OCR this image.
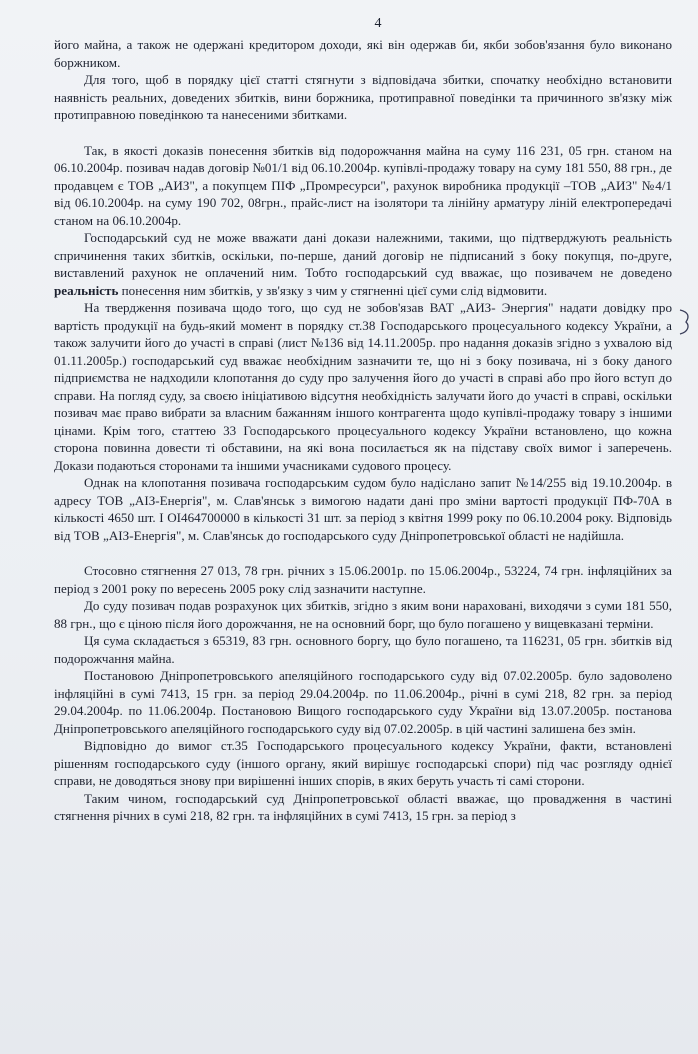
4

його майна, а також не одержані кредитором доходи, які він одержав би, якби зобов'язання було виконано боржником.

Для того, щоб в порядку цієї статті стягнути з відповідача збитки, спочатку необхідно встановити наявність реальних, доведених збитків, вини боржника, протиправної поведінки та причинного зв'язку між протиправною поведінкою та нанесеними збитками.

Так, в якості доказів понесення збитків від подорожчання майна на суму 116 231, 05 грн. станом на 06.10.2004р. позивач надав договір №01/1 від 06.10.2004р. купівлі-продажу товару на суму 181 550, 88 грн., де продавцем є ТОВ „АИЗ", а покупцем ПІФ „Промресурси", рахунок виробника продукції –ТОВ „АИЗ" №4/1 від 06.10.2004р. на суму 190 702, 08грн., прайс-лист на ізолятори та лінійну арматуру ліній електропередачі станом на 06.10.2004р.

Господарський суд не може вважати дані докази належними, такими, що підтверджують реальність спричинення таких збитків, оскільки, по-перше, даний договір не підписаний з боку покупця, по-друге, виставлений рахунок не оплачений ним. Тобто господарський суд вважає, що позивачем не доведено реальність понесення ним збитків, у зв'язку з чим у стягненні цієї суми слід відмовити.

На твердження позивача щодо того, що суд не зобов'язав ВАТ „АИЗ- Энергия" надати довідку про вартість продукції на будь-який момент в порядку ст.38 Господарського процесуального кодексу України, а також залучити його до участі в справі (лист №136 від 14.11.2005р. про надання доказів згідно з ухвалою від 01.11.2005р.) господарський суд вважає необхідним зазначити те, що ні з боку позивача, ні з боку даного підприємства не надходили клопотання до суду про залучення його до участі в справі або про його вступ до справи. На погляд суду, за своєю ініціативою відсутня необхідність залучати його до участі в справі, оскільки позивач має право вибрати за власним бажанням іншого контрагента щодо купівлі-продажу товару з іншими цінами. Крім того, статтею 33 Господарського процесуального кодексу України встановлено, що кожна сторона повинна довести ті обставини, на які вона посилається як на підставу своїх вимог і заперечень. Докази подаються сторонами та іншими учасниками судового процесу.

Однак на клопотання позивача господарським судом було надіслано запит №14/255 від 19.10.2004р. в адресу ТОВ „АІЗ-Енергія", м. Слав'янськ з вимогою надати дані про зміни вартості продукції ПФ-70А в кількості 4650 шт. І ОІ464700000 в кількості 31 шт. за період з квітня 1999 року по 06.10.2004 року. Відповідь від ТОВ „АІЗ-Енергія", м. Слав'янськ до господарського суду Дніпропетровської області не надійшла.

Стосовно стягнення 27 013, 78 грн. річних з 15.06.2001р. по 15.06.2004р., 53224, 74 грн. інфляційних за період з 2001 року по вересень 2005 року слід зазначити наступне.

До суду позивач подав розрахунок цих збитків, згідно з яким вони нараховані, виходячи з суми 181 550, 88 грн., що є ціною після його дорожчання, не на основний борг, що було погашено у вищевказані терміни.

Ця сума складається з 65319, 83 грн. основного боргу, що було погашено, та 116231, 05 грн. збитків від подорожчання майна.

Постановою Дніпропетровського апеляційного господарського суду від 07.02.2005р. було задоволено інфляційні в сумі 7413, 15 грн. за період 29.04.2004р. по 11.06.2004р., річні в сумі 218, 82 грн. за період 29.04.2004р. по 11.06.2004р. Постановою Вищого господарського суду України від 13.07.2005р. постанова Дніпропетровського апеляційного господарського суду від 07.02.2005р. в цій частині залишена без змін.

Відповідно до вимог ст.35 Господарського процесуального кодексу України, факти, встановлені рішенням господарського суду (іншого органу, який вирішує господарські спори) під час розгляду однієї справи, не доводяться знову при вирішенні інших спорів, в яких беруть участь ті самі сторони.

Таким чином, господарський суд Дніпропетровської області вважає, що провадження в частині стягнення річних в сумі 218, 82 грн. та інфляційних в сумі 7413, 15 грн. за період з
